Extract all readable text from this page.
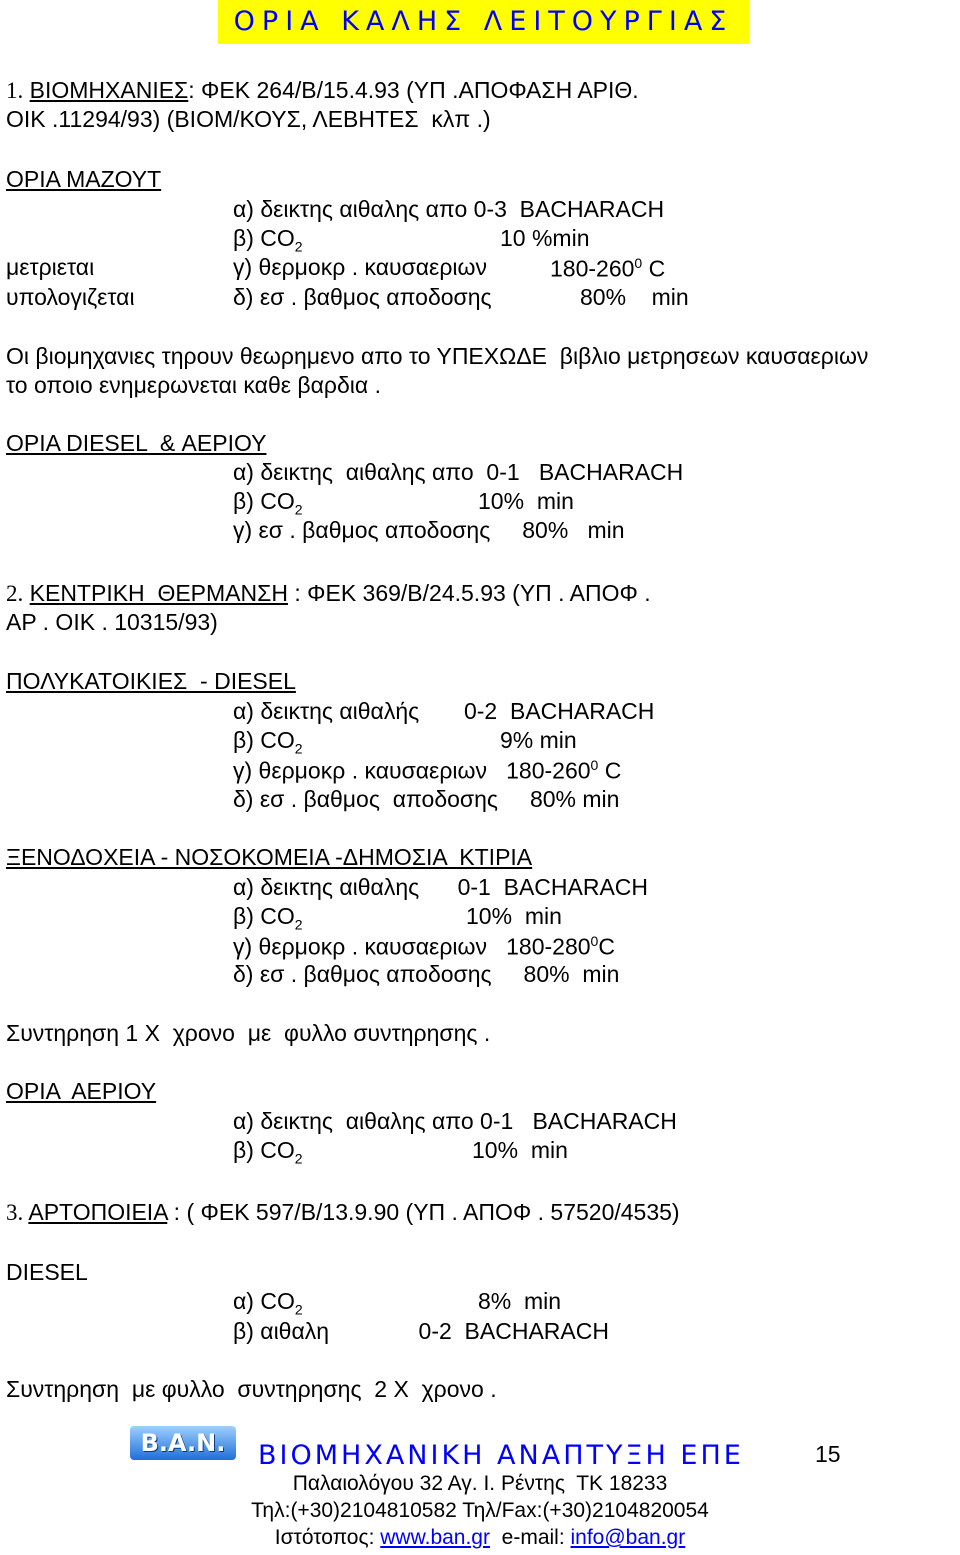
ΟΡΙΑ ΚΑΛΗΣ ΛΕΙΤΟΥΡΓΙΑΣ
1. ΒΙΟΜΗΧΑΝΙΕΣ: ΦΕΚ 264/Β/15.4.93 (ΥΠ .ΑΠΟΦΑΣΗ ΑΡΙΘ.
ΟΙΚ .11294/93) (ΒΙΟΜ/ΚΟΥΣ, ΛΕΒΗΤΕΣ  κλπ .)
ΟΡΙΑ ΜΑΖΟΥΤ
α) δεικτης αιθαλης απο 0-3  BACHARACH
β) $CO_2$	10 %min
μετριεται	γ) θερμοκρ . καυσαεριων	$180-260^0$ C
υπολογιζεται	δ) εσ . βαθμος αποδοσης	80%    min
Οι βιομηχανιες τηρουν θεωρημενο απο το ΥΠΕΧΩΔΕ  βιβλιο μετρησεων καυσαεριων
το οποιο ενημερωνεται καθε βαρδια .
ΟΡΙΑ DIESEL  & ΑΕΡΙΟΥ
α) δεικτης  αιθαλης απο  0-1   BACHARACH
β) $CO_2$	10%  min
γ) εσ . βαθμος αποδοσης     80%   min
2. ΚΕΝΤΡΙΚΗ  ΘΕΡΜΑΝΣΗ : ΦΕΚ 369/Β/24.5.93 (ΥΠ . ΑΠΟΦ .
ΑΡ . ΟΙΚ . 10315/93)
ΠΟΛΥΚΑΤΟΙΚΙΕΣ  - DIESEL
α) δεικτης αιθαλής       0-2  BACHARACH
β) $CO_2$	9% min
γ) θερμοκρ . καυσαεριων   $180-260^0$ C
δ) εσ . βαθμος  αποδοσης     80% min
ΞΕΝΟΔΟΧΕΙΑ - ΝΟΣΟΚΟΜΕΙΑ -ΔΗΜΟΣΙΑ  ΚΤΙΡΙΑ
α) δεικτης αιθαλης      0-1  BACHARACH
β) $CO_2$	10%  min
γ) θερμοκρ . καυσαεριων   $180-280^0C$
δ) εσ . βαθμος αποδοσης     80%  min
Συντηρηση 1 Χ  χρονο  με  φυλλο συντηρησης .
ΟΡΙΑ  ΑΕΡΙΟΥ
α) δεικτης  αιθαλης απο 0-1   BACHARACH
β) $CO_2$	10%  min
3. ΑΡΤΟΠΟΙΕΙΑ : ( ΦΕΚ 597/Β/13.9.90 (ΥΠ . ΑΠΟΦ . 57520/4535)
DIESEL
α) $CO_2$	8%  min
β) αιθαλη              0-2  BACHARACH
Συντηρηση  με φυλλο  συντηρησης  2 Χ  χρονο .
B.A.N.	ΒΙΟΜΗΧΑΝΙΚΗ ΑΝΑΠΤΥΞΗ ΕΠΕ	15
Παλαιολόγου 32 Αγ. Ι. Ρέντης  ΤΚ 18233
Τηλ:(+30)2104810582 Τηλ/Fax:(+30)2104820054
Ιστότοπος: www.ban.gr  e-mail: info@ban.gr
